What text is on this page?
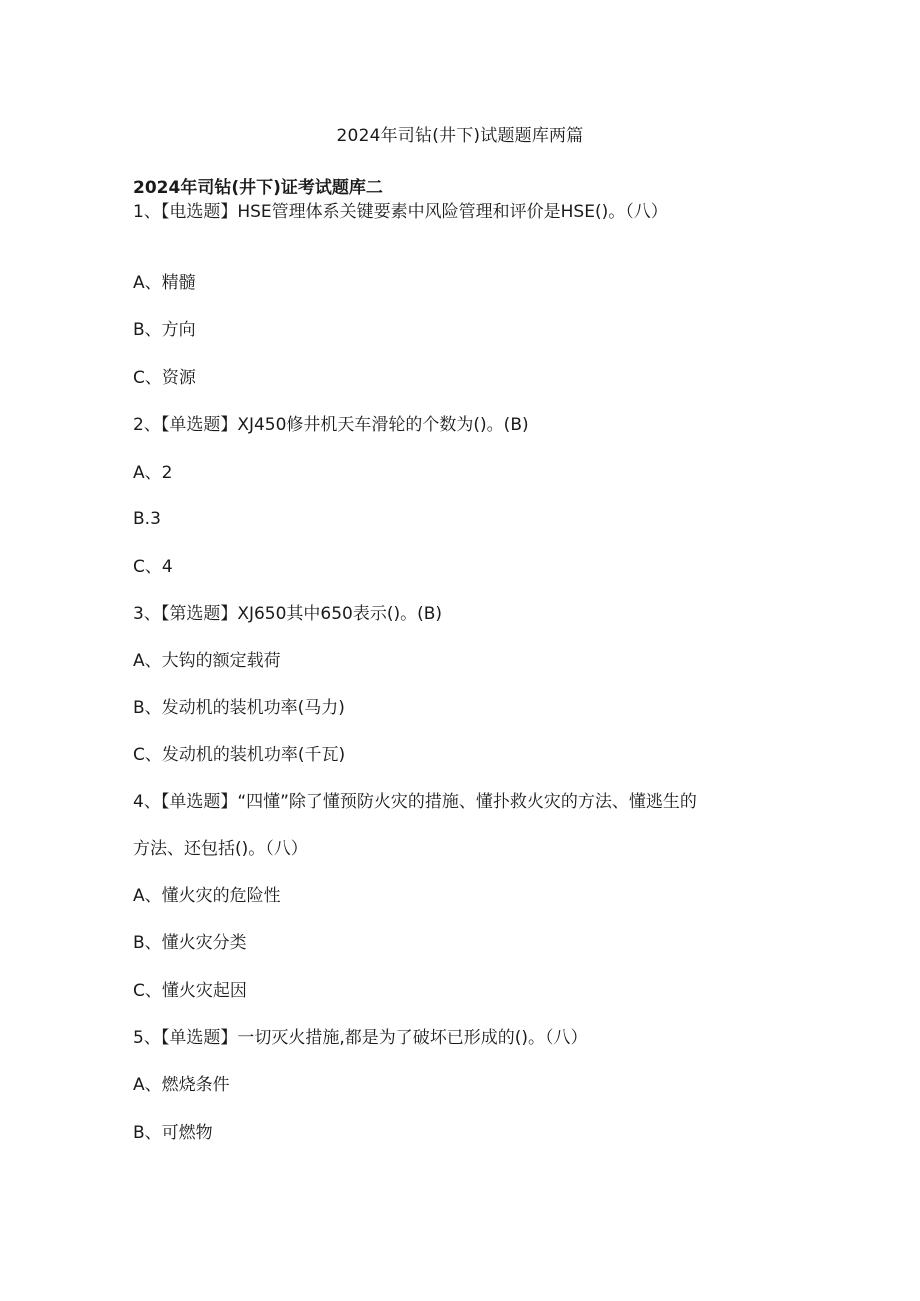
2024年司钻(井下)试题题库两篇
2024年司钻(井下)证考试题库二
1、【电选题】HSE管理体系关键要素中风险管理和评价是HSE()。（八）
A、精髓
B、方向
C、资源
2、【单选题】XJ450修井机天车滑轮的个数为()。(B)
A、2
B.3
C、4
3、【第选题】XJ650其中650表示()。(B)
A、大钩的额定载荷
B、发动机的装机功率(马力)
C、发动机的装机功率(千瓦)
4、【单选题】“四懂”除了懂预防火灾的措施、懂扑救火灾的方法、懂逃生的
方法、还包括()。（八）
A、懂火灾的危险性
B、懂火灾分类
C、懂火灾起因
5、【单选题】一切灭火措施,都是为了破坏已形成的()。（八）
A、燃烧条件
B、可燃物
